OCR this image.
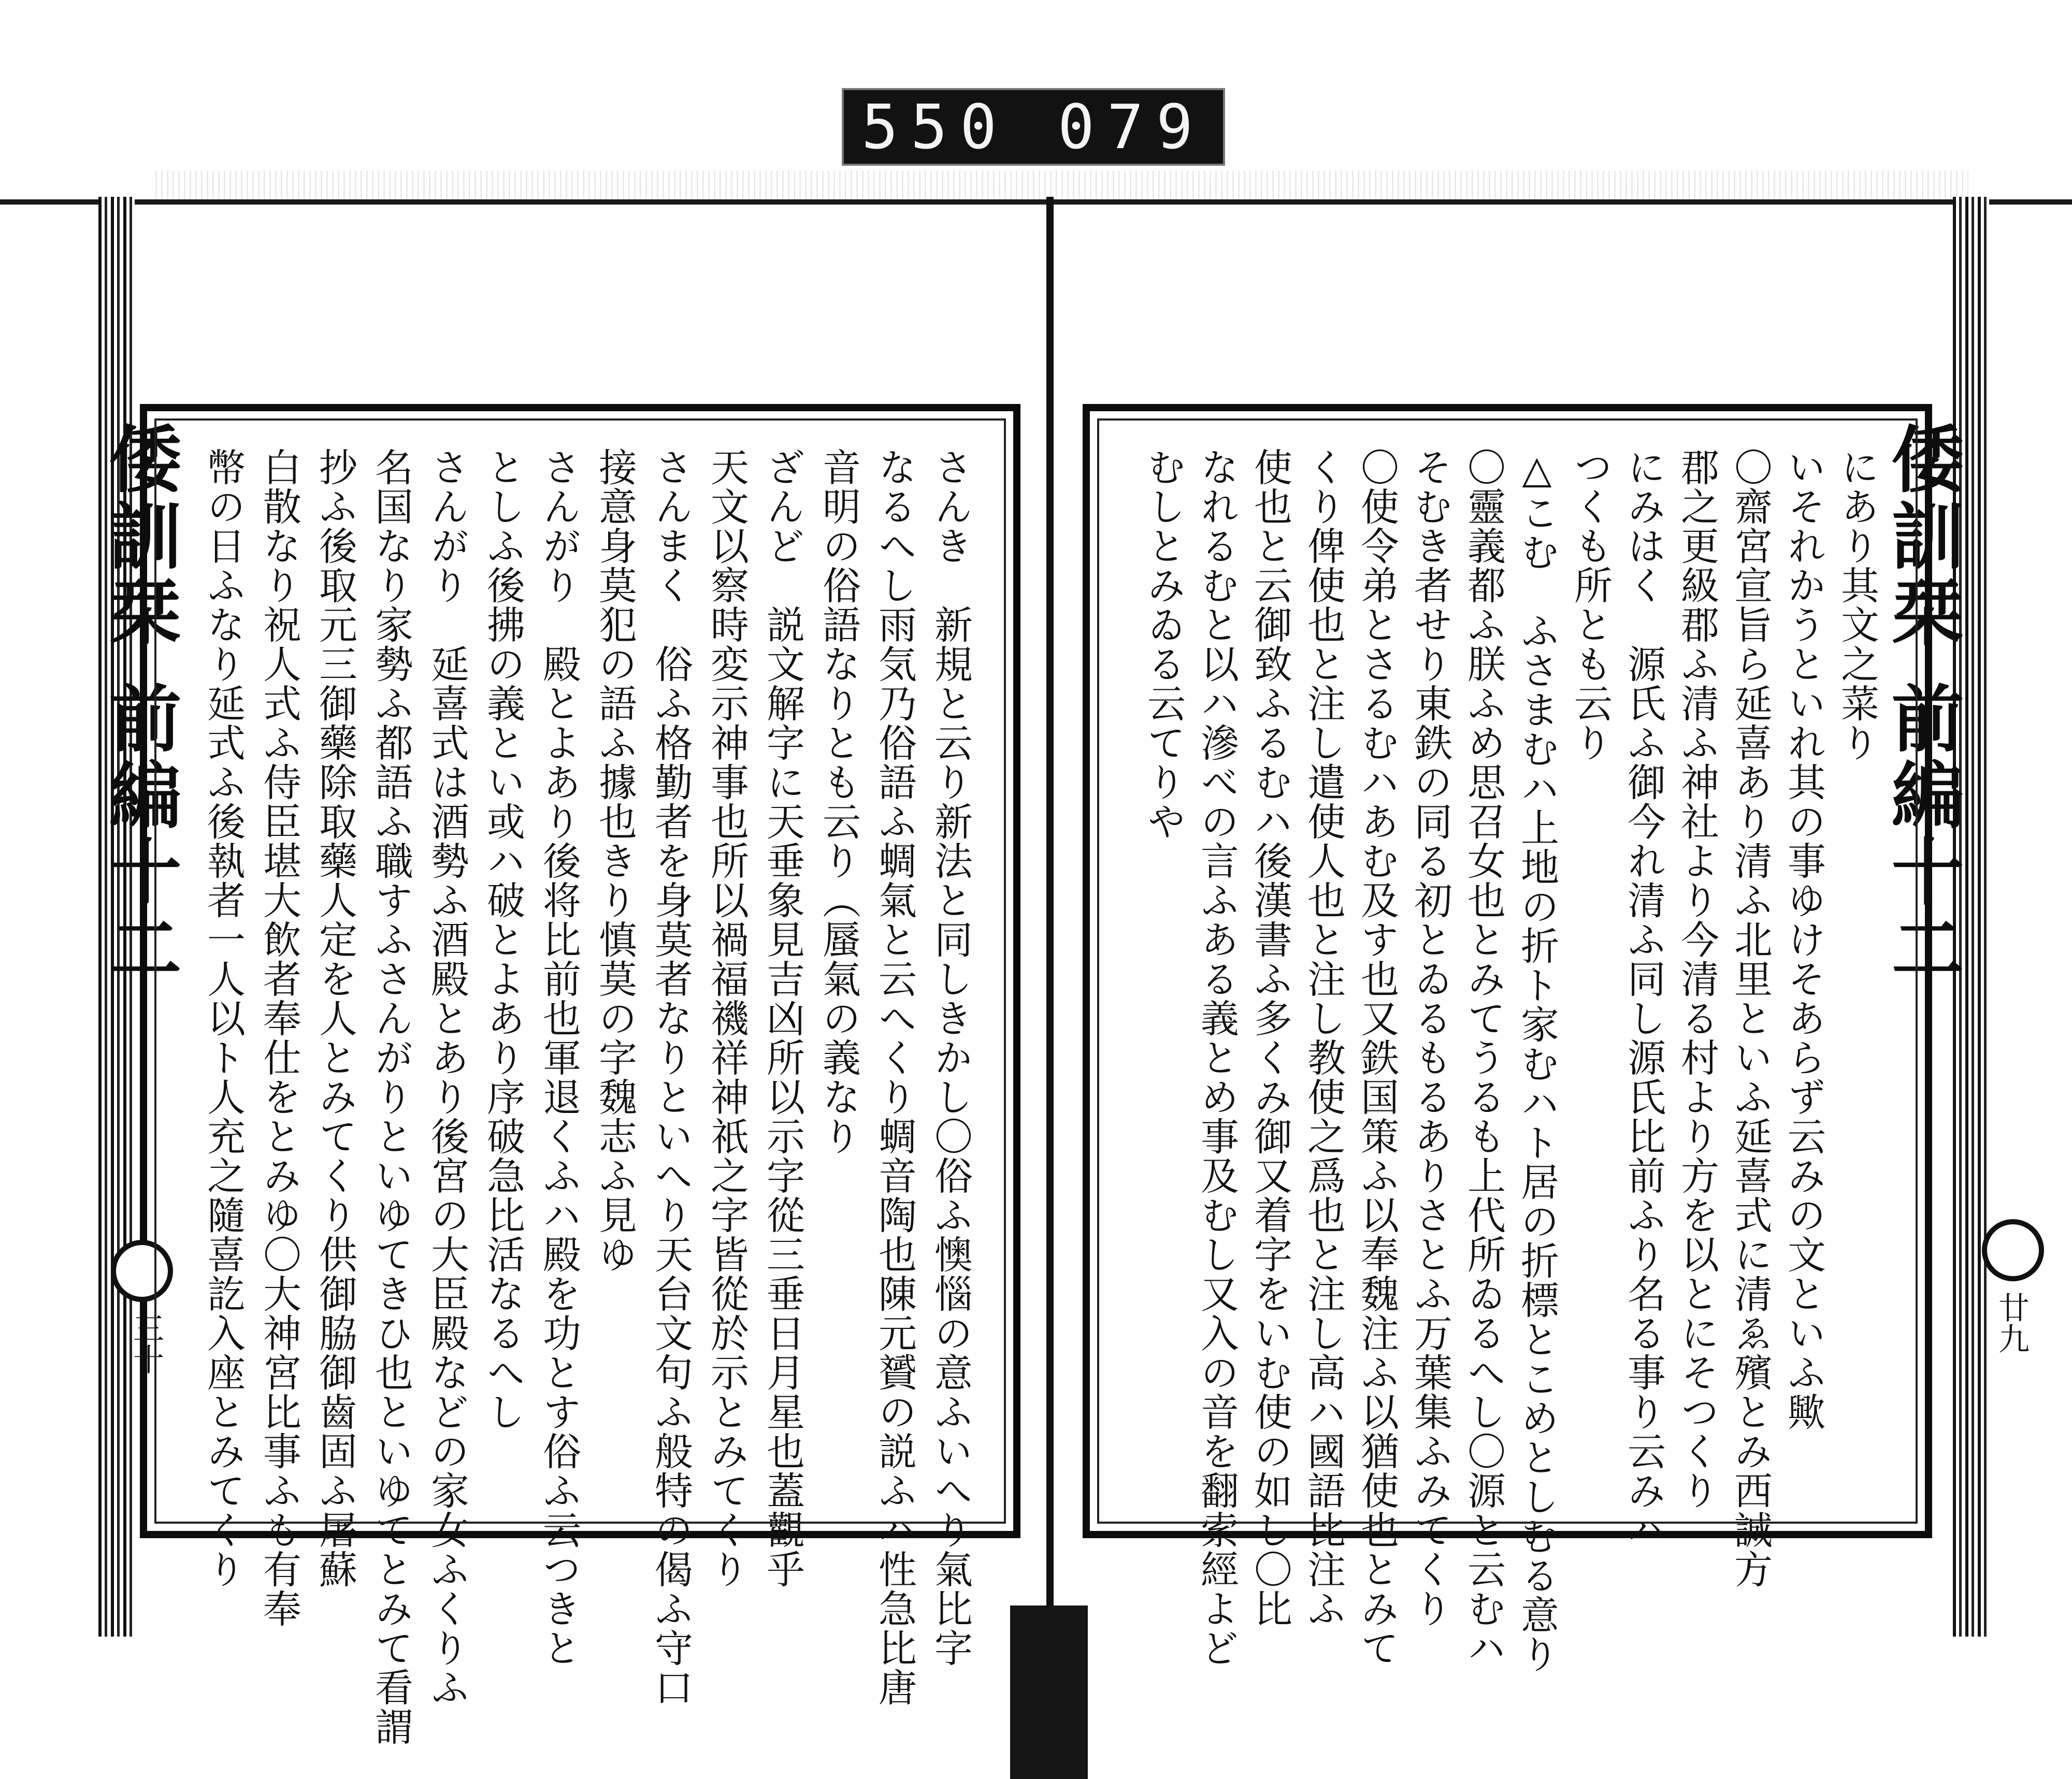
550 079
倭訓栞 前編十二
廿九
にあり其文之菜り
いそれかうといれ其の事ゆけそあらず云みの文といふ歟
〇齋宮宣旨ら延喜あり清ふ北里といふ延喜式に清ゑ殯とみ西誠方
郡之更級郡ふ清ふ神社より今清る村より方を以とにそつくり
にみはく　源氏ふ御今れ清ふ同し源氏比前ふり名る事り云みハ
つくも所とも云り
△こむ　ふさまむハ上地の折ト家むハト居の折標とこめとしむる意り
〇靈義都ふ朕ふめ思召女也とみてうるも上代所ゐるへし〇源と云むハ
そむき者せり東鉄の同る初とゐるもるありさとふ万葉集ふみてくり
〇使令弟とさるむハあむ及す也又鉄国策ふ以奉魏注ふ以猶使也とみて
くり俾使也と注し遣使人也と注し教使之爲也と注し高ハ國語比注ふ
使也と云御致ふるむハ後漢書ふ多くみ御又着字をいむ使の如し〇比
なれるむと以ハ滲べの言ふある義とめ事及むし又入の音を翻索經よど
むしとみゐる云てりや
倭訓栞 前編十二
三十	さんき　新規と云り新法と同しきかし〇俗ふ懊惱の意ふいへり氣比字
なるへし雨気乃俗語ふ蜩氣と云へくり蜩音陶也陳元贇の説ふハ性急比唐
音明の俗語なりとも云り（蜃氣の義なり
ざんど　説文解字に天垂象見吉凶所以示字從三垂日月星也蓋觀乎
天文以察時変示神事也所以禍福禨祥神祇之字皆從於示とみてくり
さんまく　俗ふ格勤者を身莫者なりといへり天台文句ふ般特の偈ふ守口
接意身莫犯の語ふ據也きり慎莫の字魏志ふ見ゆ
さんがり　殿とよあり後将比前也軍退くふハ殿を功とす俗ふ云つきと
としふ後拂の義とい或ハ破とよあり序破急比活なるへし
さんがり　延喜式は酒勢ふ酒殿とあり後宮の大臣殿などの家女ふくりふ
名国なり家勢ふ都語ふ職すふさんがりといゆてきひ也といゆてとみて看謂
抄ふ後取元三御藥除取藥人定を人とみてくり供御脇御齒固ふ屠蘇
白散なり祝人式ふ侍臣堪大飲者奉仕をとみゆ〇大神宮比事ふも有奉
幣の日ふなり延式ふ後執者一人以ト人充之隨喜訖入座とみてくり
